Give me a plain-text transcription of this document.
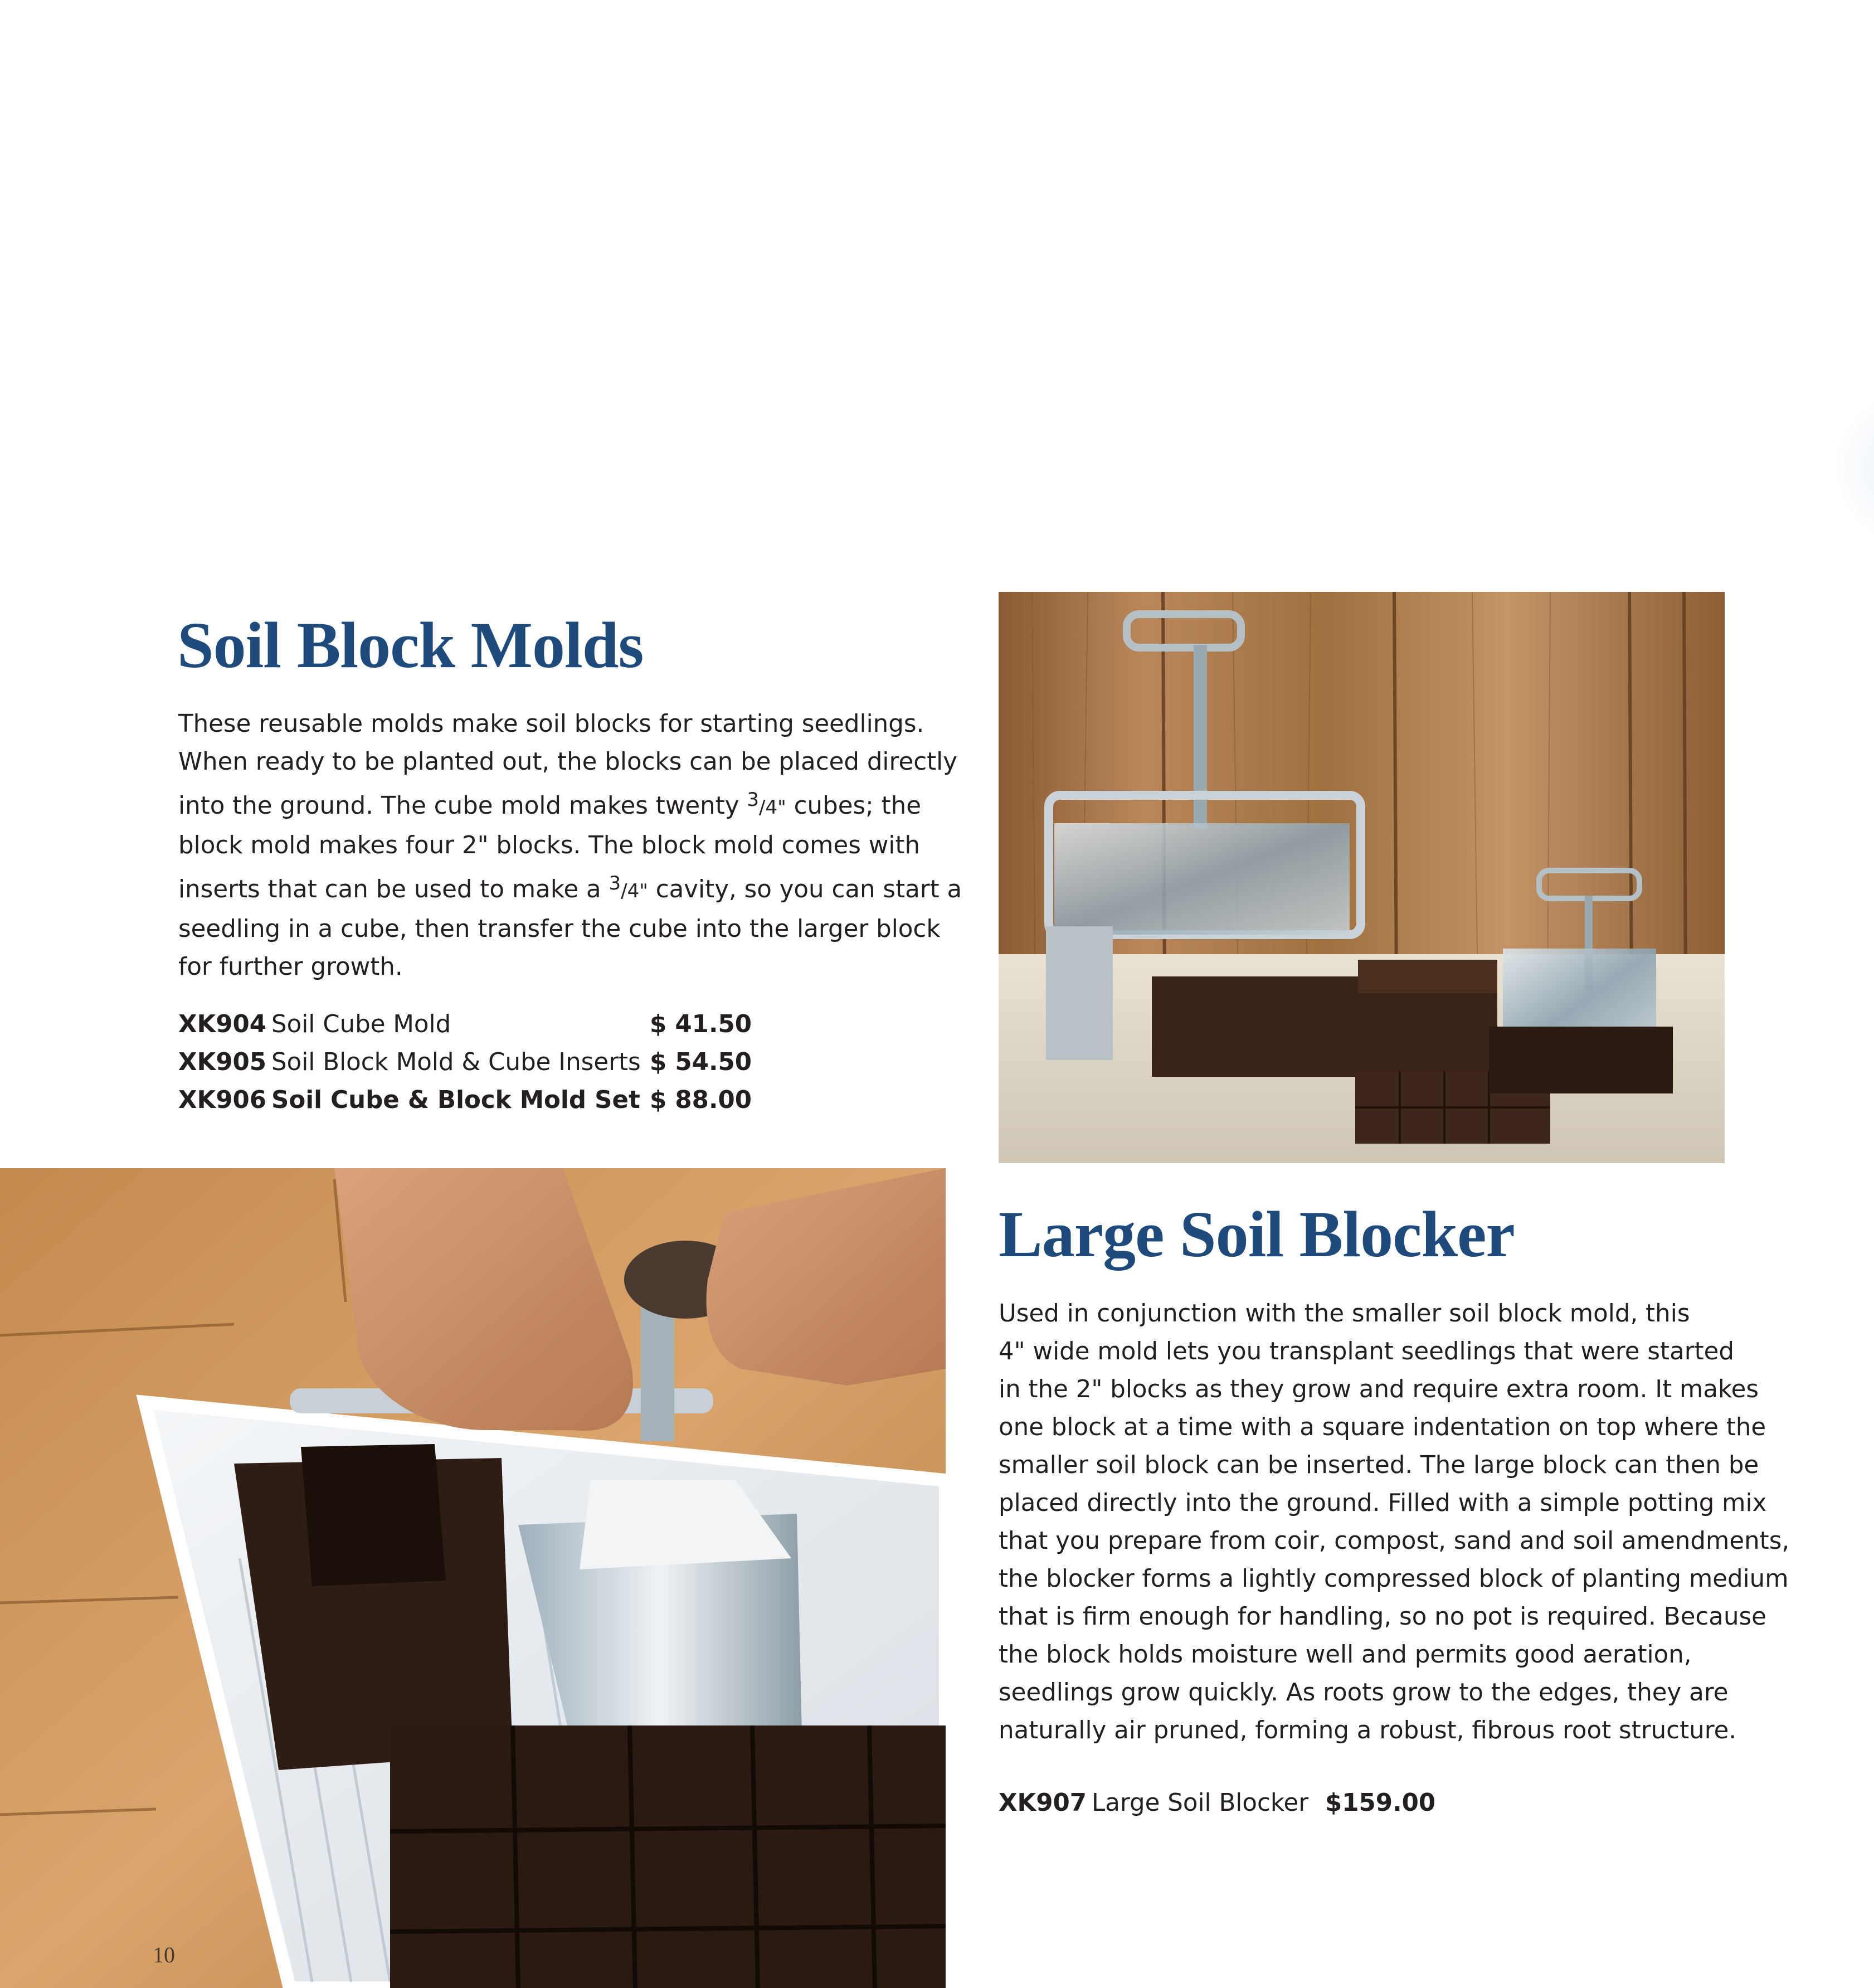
Soil Block Molds

These reusable molds make soil blocks for starting seedlings.
When ready to be planted out, the blocks can be placed directly
into the ground. The cube mold makes twenty $^3$/4" cubes; the
block mold makes four 2" blocks. The block mold comes with
inserts that can be used to make a $^3$/4" cavity, so you can start a
seedling in a cube, then transfer the cube into the larger block
for further growth.

XK904 Soil Cube Mold	$ 41.50
XK905 Soil Block Mold & Cube Inserts $ 54.50
XK906 Soil Cube & Block Mold Set $ 88.00
Large Soil Blocker

Used in conjunction with the smaller soil block mold, this
4" wide mold lets you transplant seedlings that were started
in the 2" blocks as they grow and require extra room. It makes
one block at a time with a square indentation on top where the
smaller soil block can be inserted. The large block can then be
placed directly into the ground. Filled with a simple potting mix
that you prepare from coir, compost, sand and soil amendments,
the blocker forms a lightly compressed block of planting medium
that is firm enough for handling, so no pot is required. Because
the block holds moisture well and permits good aeration,
seedlings grow quickly. As roots grow to the edges, they are
naturally air pruned, forming a robust, fibrous root structure.

XK907 Large Soil Blocker $159.00
10
